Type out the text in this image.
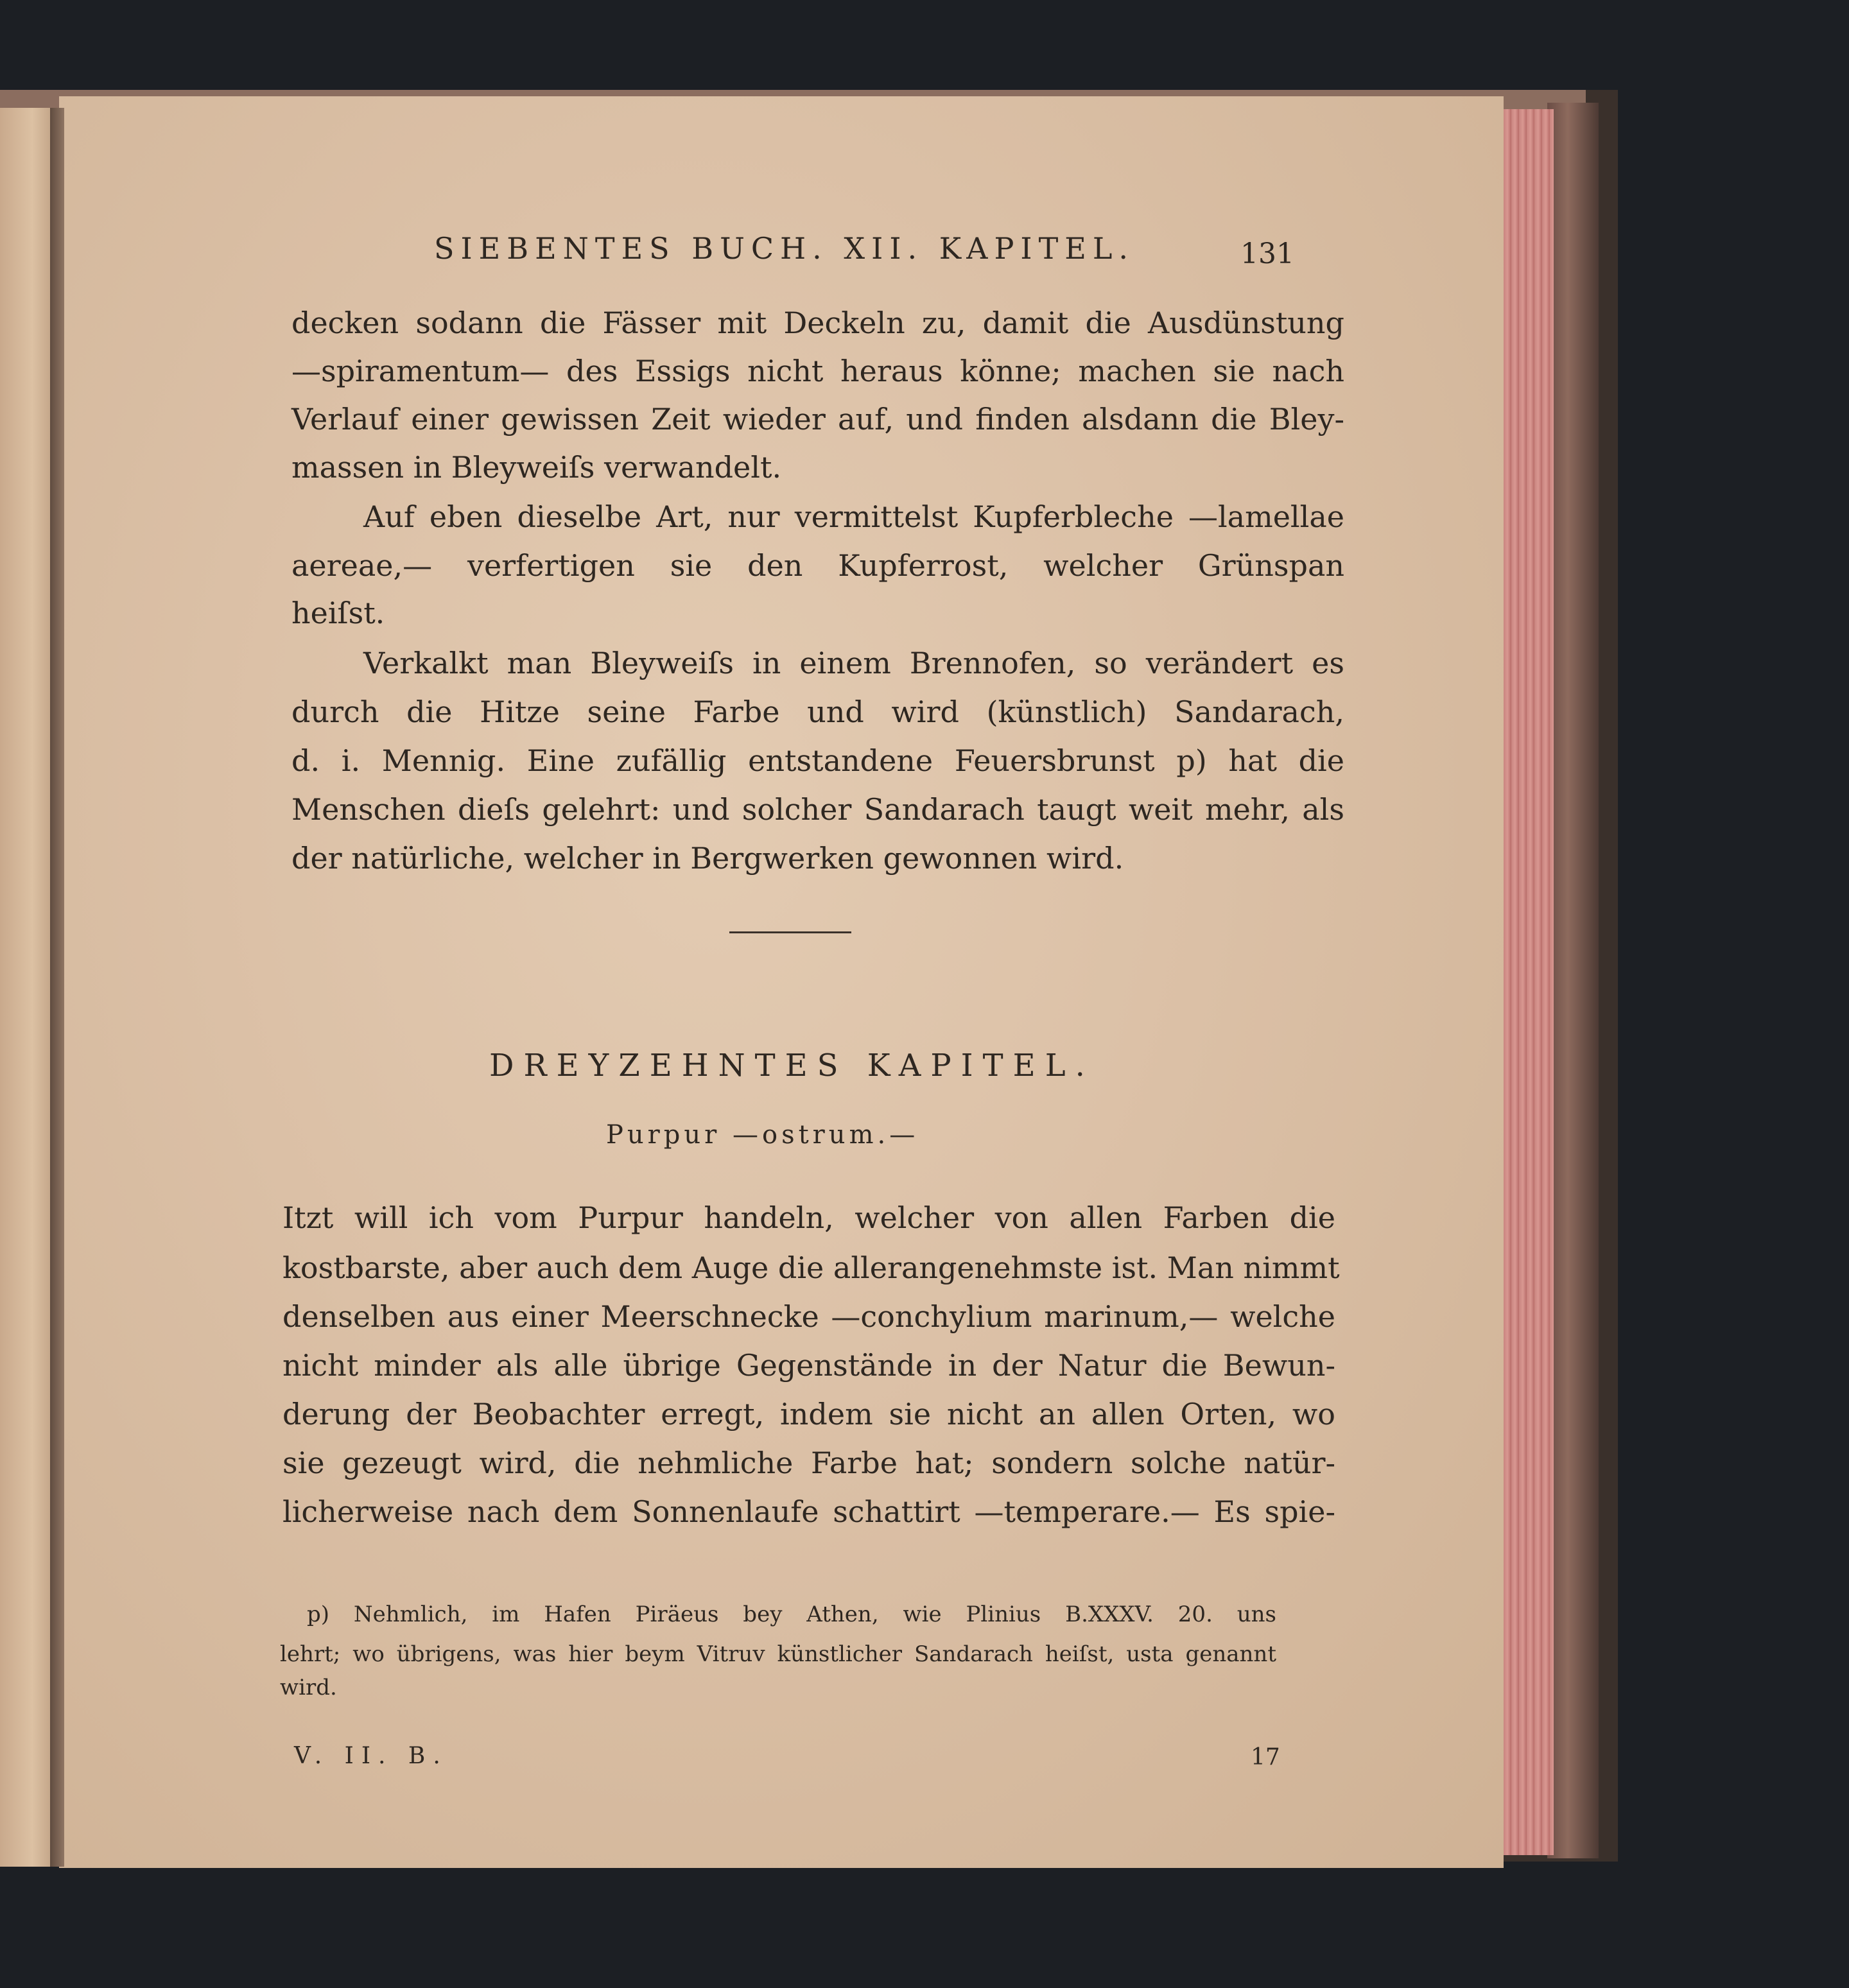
SIEBENTES BUCH. XII. KAPITEL.	131
decken sodann die Fässer mit Deckeln zu, damit die Ausdünstung
—spiramentum— des Essigs nicht heraus könne; machen sie nach
Verlauf einer gewissen Zeit wieder auf, und finden alsdann die Bley-
massen in Bleyweiſs verwandelt.
Auf eben dieselbe Art, nur vermittelst Kupferbleche —lamellae
aereae,— verfertigen sie den Kupferrost, welcher Grünspan
heiſst.
Verkalkt man Bleyweiſs in einem Brennofen, so verändert es
durch die Hitze seine Farbe und wird (künstlich) Sandarach,
d. i. Mennig. Eine zufällig entstandene Feuersbrunst p) hat die
Menschen dieſs gelehrt: und solcher Sandarach taugt weit mehr, als
der natürliche, welcher in Bergwerken gewonnen wird.
DREYZEHNTES KAPITEL.
Purpur —ostrum.—
Itzt will ich vom Purpur handeln, welcher von allen Farben die
kostbarste, aber auch dem Auge die allerangenehmste ist. Man nimmt
denselben aus einer Meerschnecke —conchylium marinum,— welche
nicht minder als alle übrige Gegenstände in der Natur die Bewun-
derung der Beobachter erregt, indem sie nicht an allen Orten, wo
sie gezeugt wird, die nehmliche Farbe hat; sondern solche natür-
licherweise nach dem Sonnenlaufe schattirt —temperare.— Es spie-
p) Nehmlich, im Hafen Piräeus bey Athen, wie Plinius B.XXXV. 20. uns
lehrt; wo übrigens, was hier beym Vitruv künstlicher Sandarach heiſst, usta genannt
wird.
V. II. B.	17
